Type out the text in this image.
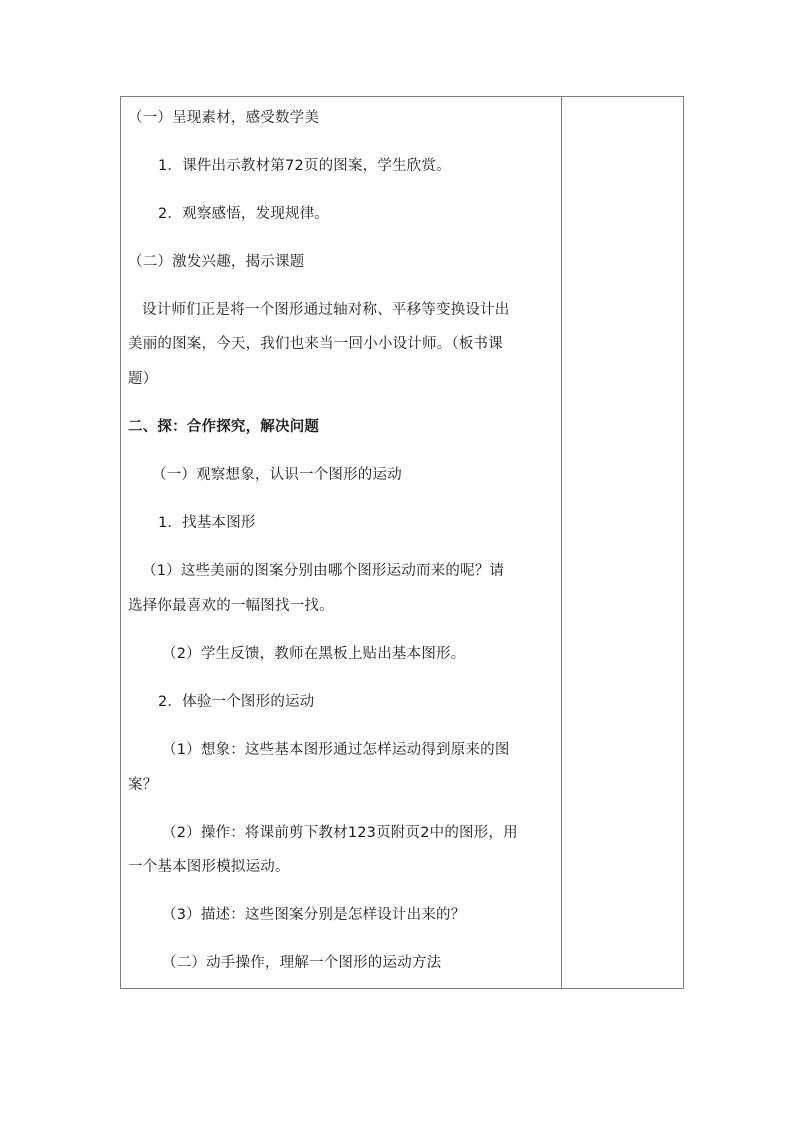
（一）呈现素材，感受数学美
1．课件出示教材第72页的图案，学生欣赏。
2．观察感悟，发现规律。
（二）激发兴趣，揭示课题
设计师们正是将一个图形通过轴对称、平移等变换设计出
美丽的图案，今天，我们也来当一回小小设计师。（板书课
题）
二、探：合作探究，解决问题
（一）观察想象，认识一个图形的运动
1．找基本图形
（1）这些美丽的图案分别由哪个图形运动而来的呢？请
选择你最喜欢的一幅图找一找。
（2）学生反馈，教师在黑板上贴出基本图形。
2．体验一个图形的运动
（1）想象：这些基本图形通过怎样运动得到原来的图
案？
（2）操作：将课前剪下教材123页附页2中的图形，用
一个基本图形模拟运动。
（3）描述：这些图案分别是怎样设计出来的？
（二）动手操作，理解一个图形的运动方法
